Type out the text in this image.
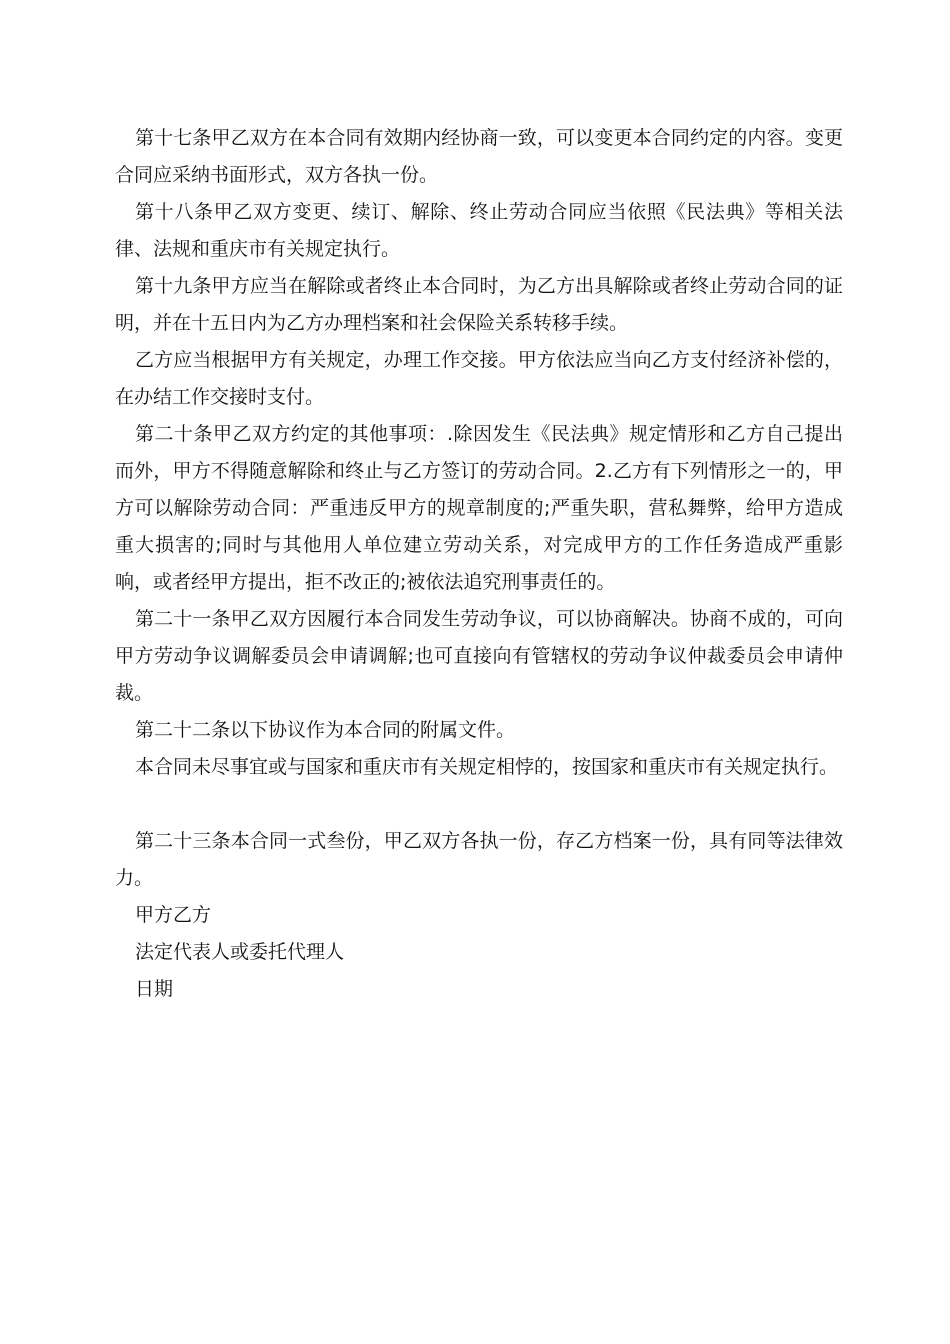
第十七条甲乙双方在本合同有效期内经协商一致，可以变更本合同约定的内容。变更合同应采纳书面形式，双方各执一份。

第十八条甲乙双方变更、续订、解除、终止劳动合同应当依照《民法典》等相关法律、法规和重庆市有关规定执行。

第十九条甲方应当在解除或者终止本合同时，为乙方出具解除或者终止劳动合同的证明，并在十五日内为乙方办理档案和社会保险关系转移手续。

乙方应当根据甲方有关规定，办理工作交接。甲方依法应当向乙方支付经济补偿的，在办结工作交接时支付。

第二十条甲乙双方约定的其他事项：.除因发生《民法典》规定情形和乙方自己提出而外，甲方不得随意解除和终止与乙方签订的劳动合同。2.乙方有下列情形之一的，甲方可以解除劳动合同：严重违反甲方的规章制度的;严重失职，营私舞弊，给甲方造成重大损害的;同时与其他用人单位建立劳动关系，对完成甲方的工作任务造成严重影响，或者经甲方提出，拒不改正的;被依法追究刑事责任的。

第二十一条甲乙双方因履行本合同发生劳动争议，可以协商解决。协商不成的，可向甲方劳动争议调解委员会申请调解;也可直接向有管辖权的劳动争议仲裁委员会申请仲裁。

第二十二条以下协议作为本合同的附属文件。

本合同未尽事宜或与国家和重庆市有关规定相悖的，按国家和重庆市有关规定执行。

第二十三条本合同一式叁份，甲乙双方各执一份，存乙方档案一份，具有同等法律效力。

甲方乙方

法定代表人或委托代理人

日期
